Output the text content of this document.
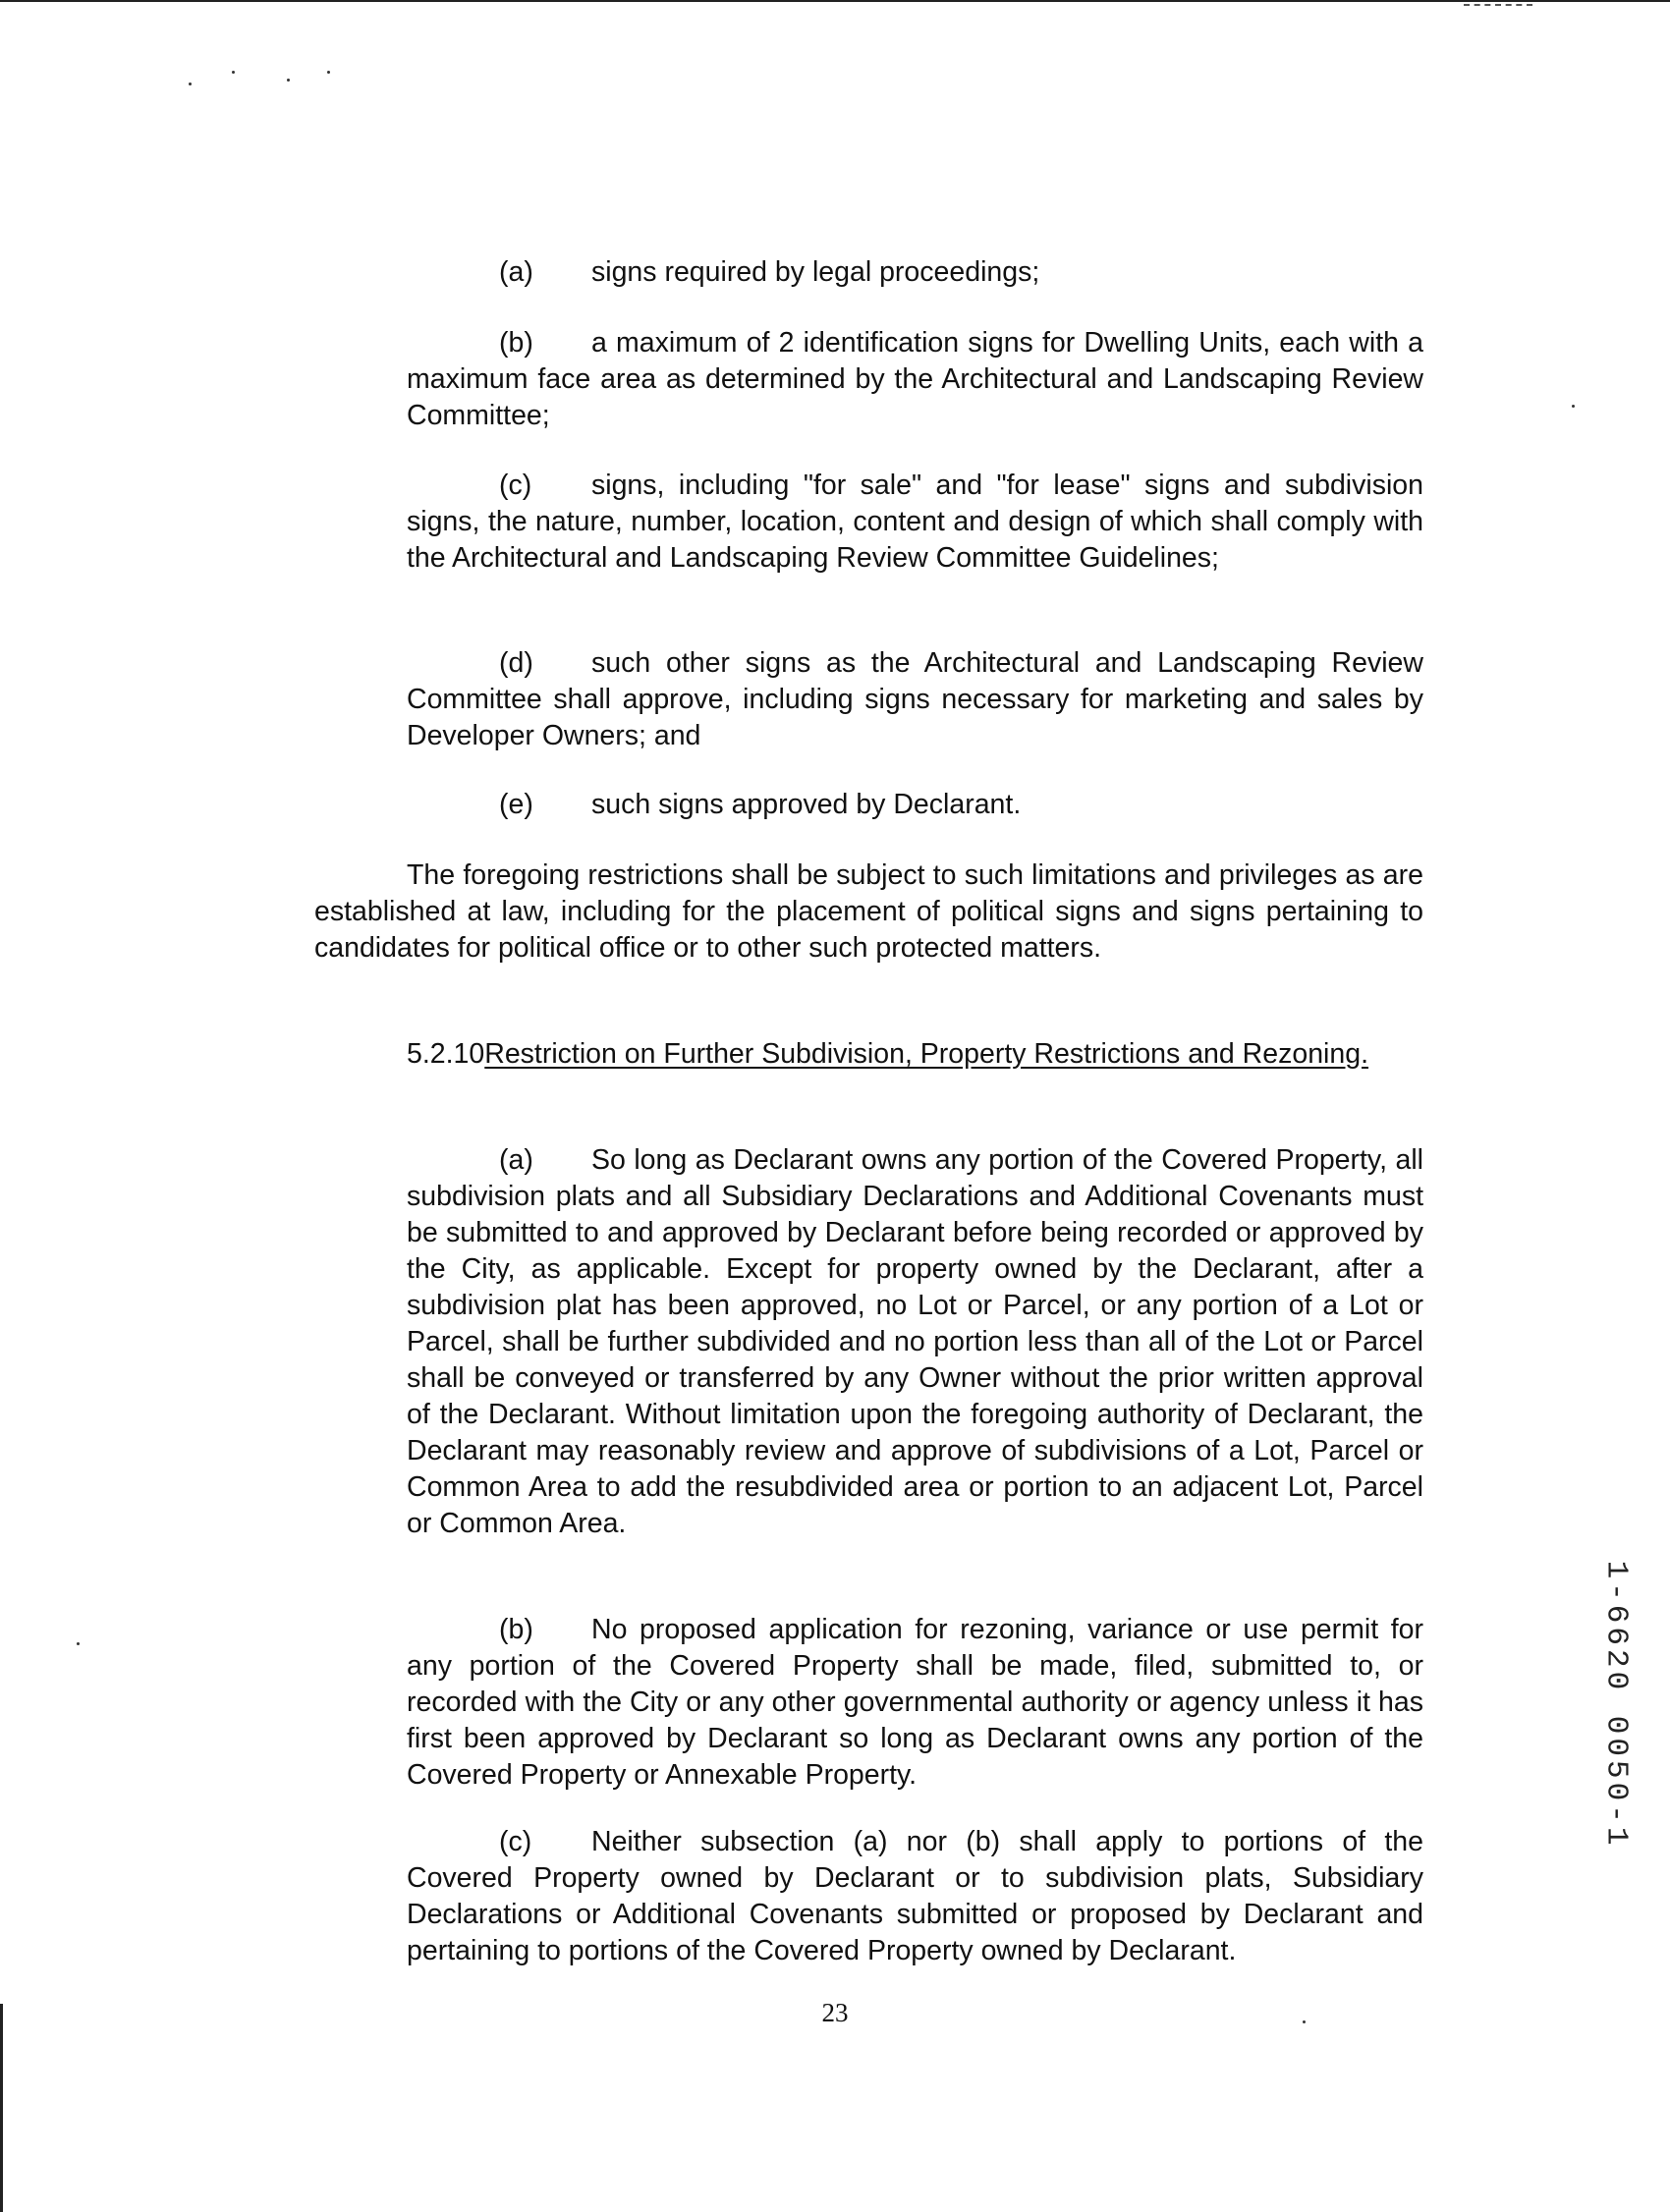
(a) signs required by legal proceedings;

(b) a maximum of 2 identification signs for Dwelling Units, each with a maximum face area as determined by the Architectural and Landscaping Review Committee;

(c) signs, including "for sale" and "for lease" signs and subdivision signs, the nature, number, location, content and design of which shall comply with the Architectural and Landscaping Review Committee Guidelines;

(d) such other signs as the Architectural and Landscaping Review Committee shall approve, including signs necessary for marketing and sales by Developer Owners; and

(e) such signs approved by Declarant.

The foregoing restrictions shall be subject to such limitations and privileges as are established at law, including for the placement of political signs and signs pertaining to candidates for political office or to other such protected matters.

5.2.10Restriction on Further Subdivision, Property Restrictions and Rezoning.

(a) So long as Declarant owns any portion of the Covered Property, all subdivision plats and all Subsidiary Declarations and Additional Covenants must be submitted to and approved by Declarant before being recorded or approved by the City, as applicable. Except for property owned by the Declarant, after a subdivision plat has been approved, no Lot or Parcel, or any portion of a Lot or Parcel, shall be further subdivided and no portion less than all of the Lot or Parcel shall be conveyed or transferred by any Owner without the prior written approval of the Declarant. Without limitation upon the foregoing authority of Declarant, the Declarant may reasonably review and approve of subdivisions of a Lot, Parcel or Common Area to add the resubdivided area or portion to an adjacent Lot, Parcel or Common Area.

(b) No proposed application for rezoning, variance or use permit for any portion of the Covered Property shall be made, filed, submitted to, or recorded with the City or any other governmental authority or agency unless it has first been approved by Declarant so long as Declarant owns any portion of the Covered Property or Annexable Property.

(c) Neither subsection (a) nor (b) shall apply to portions of the Covered Property owned by Declarant or to subdivision plats, Subsidiary Declarations or Additional Covenants submitted or proposed by Declarant and pertaining to portions of the Covered Property owned by Declarant.

23

1-6620 0050-1
